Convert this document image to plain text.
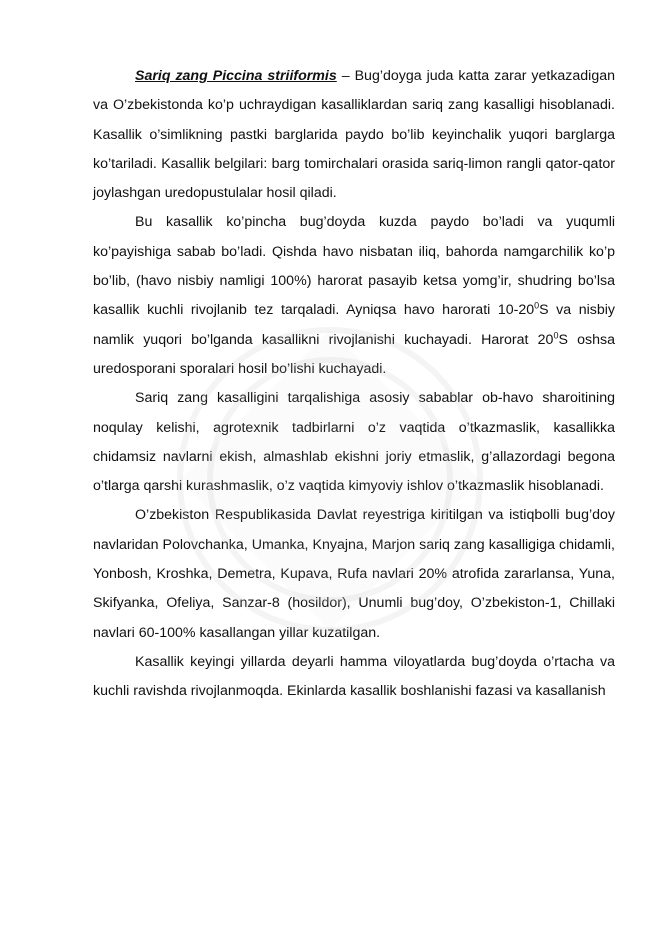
Sariq zang Piccina striiformis – Bug’doyga juda katta zarar yetkazadigan va O’zbekistonda ko’p uchraydigan kasalliklardan sariq zang kasalligi hisoblanadi. Kasallik o’simlikning pastki barglarida paydo bo’lib keyinchalik yuqori barglarga ko’tariladi. Kasallik belgilari: barg tomirchalari orasida sariq-limon rangli qator-qator joylashgan uredopustulalar hosil qiladi.

Bu kasallik ko’pincha bug’doyda kuzda paydo bo’ladi va yuqumli ko’payishiga sabab bo’ladi. Qishda havo nisbatan iliq, bahorda namgarchilik ko’p bo’lib, (havo nisbiy namligi 100%) harorat pasayib ketsa yomg’ir, shudring bo’lsa kasallik kuchli rivojlanib tez tarqaladi. Ayniqsa havo harorati $10-20^0S$ va nisbiy namlik yuqori bo’lganda kasallikni rivojlanishi kuchayadi. Harorat $20^0S$ oshsa uredosporani sporalari hosil bo’lishi kuchayadi.

Sariq zang kasalligini tarqalishiga asosiy sabablar ob-havo sharoitining noqulay kelishi, agrotexnik tadbirlarni o’z vaqtida o’tkazmaslik, kasallikka chidamsiz navlarni ekish, almashlab ekishni joriy etmaslik, g’allazordagi begona o’tlarga qarshi kurashmaslik, o’z vaqtida kimyoviy ishlov o’tkazmaslik hisoblanadi.

O’zbekiston Respublikasida Davlat reyestriga kiritilgan va istiqbolli bug’doy navlaridan Polovchanka, Umanka, Knyajna, Marjon sariq zang kasalligiga chidamli, Yonbosh, Kroshka, Demetra, Kupava, Rufa navlari 20% atrofida zararlansa, Yuna, Skifyanka, Ofeliya, Sanzar-8 (hosildor), Unumli bug’doy, O’zbekiston-1, Chillaki navlari 60-100% kasallangan yillar kuzatilgan.

Kasallik keyingi yillarda deyarli hamma viloyatlarda bug’doyda o’rtacha va kuchli ravishda rivojlanmoqda. Ekinlarda kasallik boshlanishi fazasi va kasallanish
